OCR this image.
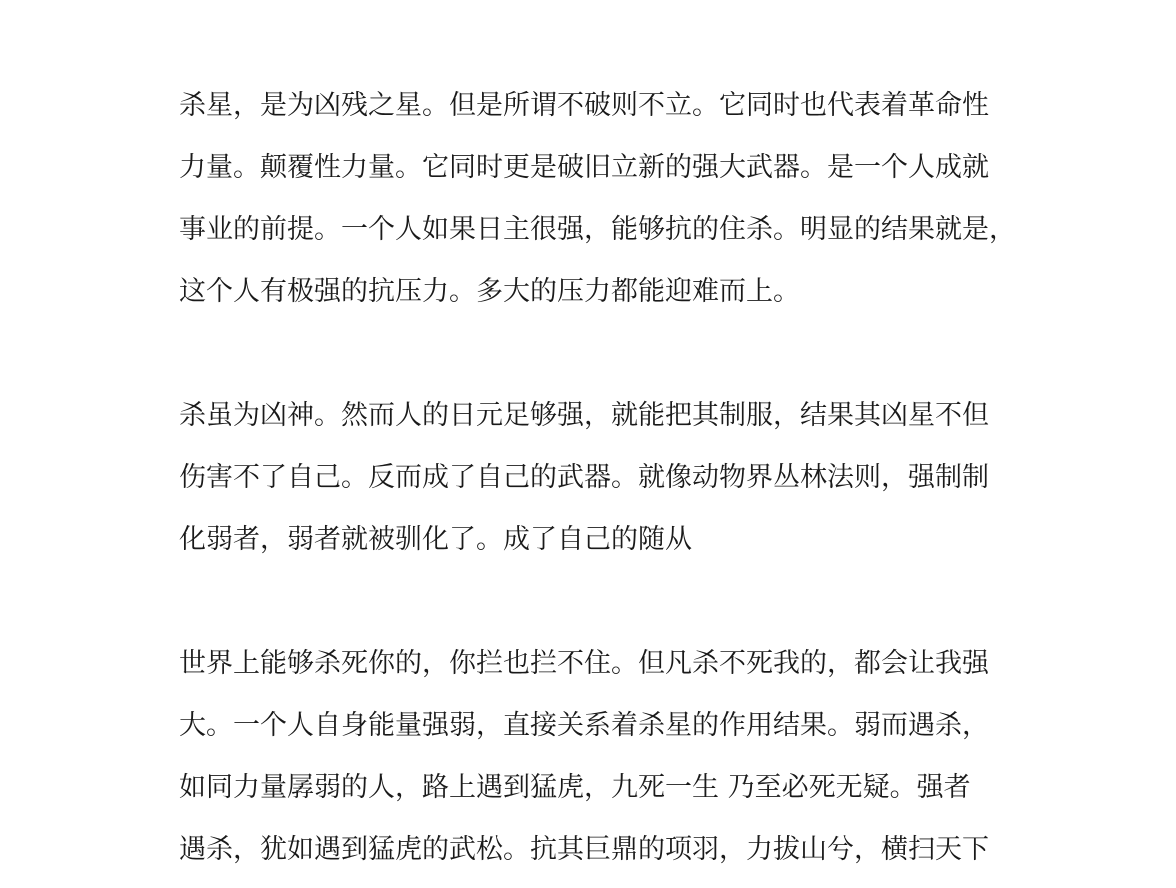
杀星，是为凶残之星。但是所谓不破则不立。它同时也代表着革命性
力量。颠覆性力量。它同时更是破旧立新的强大武器。是一个人成就
事业的前提。一个人如果日主很强，能够抗的住杀。明显的结果就是，
这个人有极强的抗压力。多大的压力都能迎难而上。
杀虽为凶神。然而人的日元足够强，就能把其制服，结果其凶星不但
伤害不了自己。反而成了自己的武器。就像动物界丛林法则，强制制
化弱者，弱者就被驯化了。成了自己的随从
世界上能够杀死你的，你拦也拦不住。但凡杀不死我的，都会让我强
大。一个人自身能量强弱，直接关系着杀星的作用结果。弱而遇杀，
如同力量孱弱的人，路上遇到猛虎，九死一生 乃至必死无疑。强者
遇杀，犹如遇到猛虎的武松。抗其巨鼎的项羽，力拔山兮，横扫天下
